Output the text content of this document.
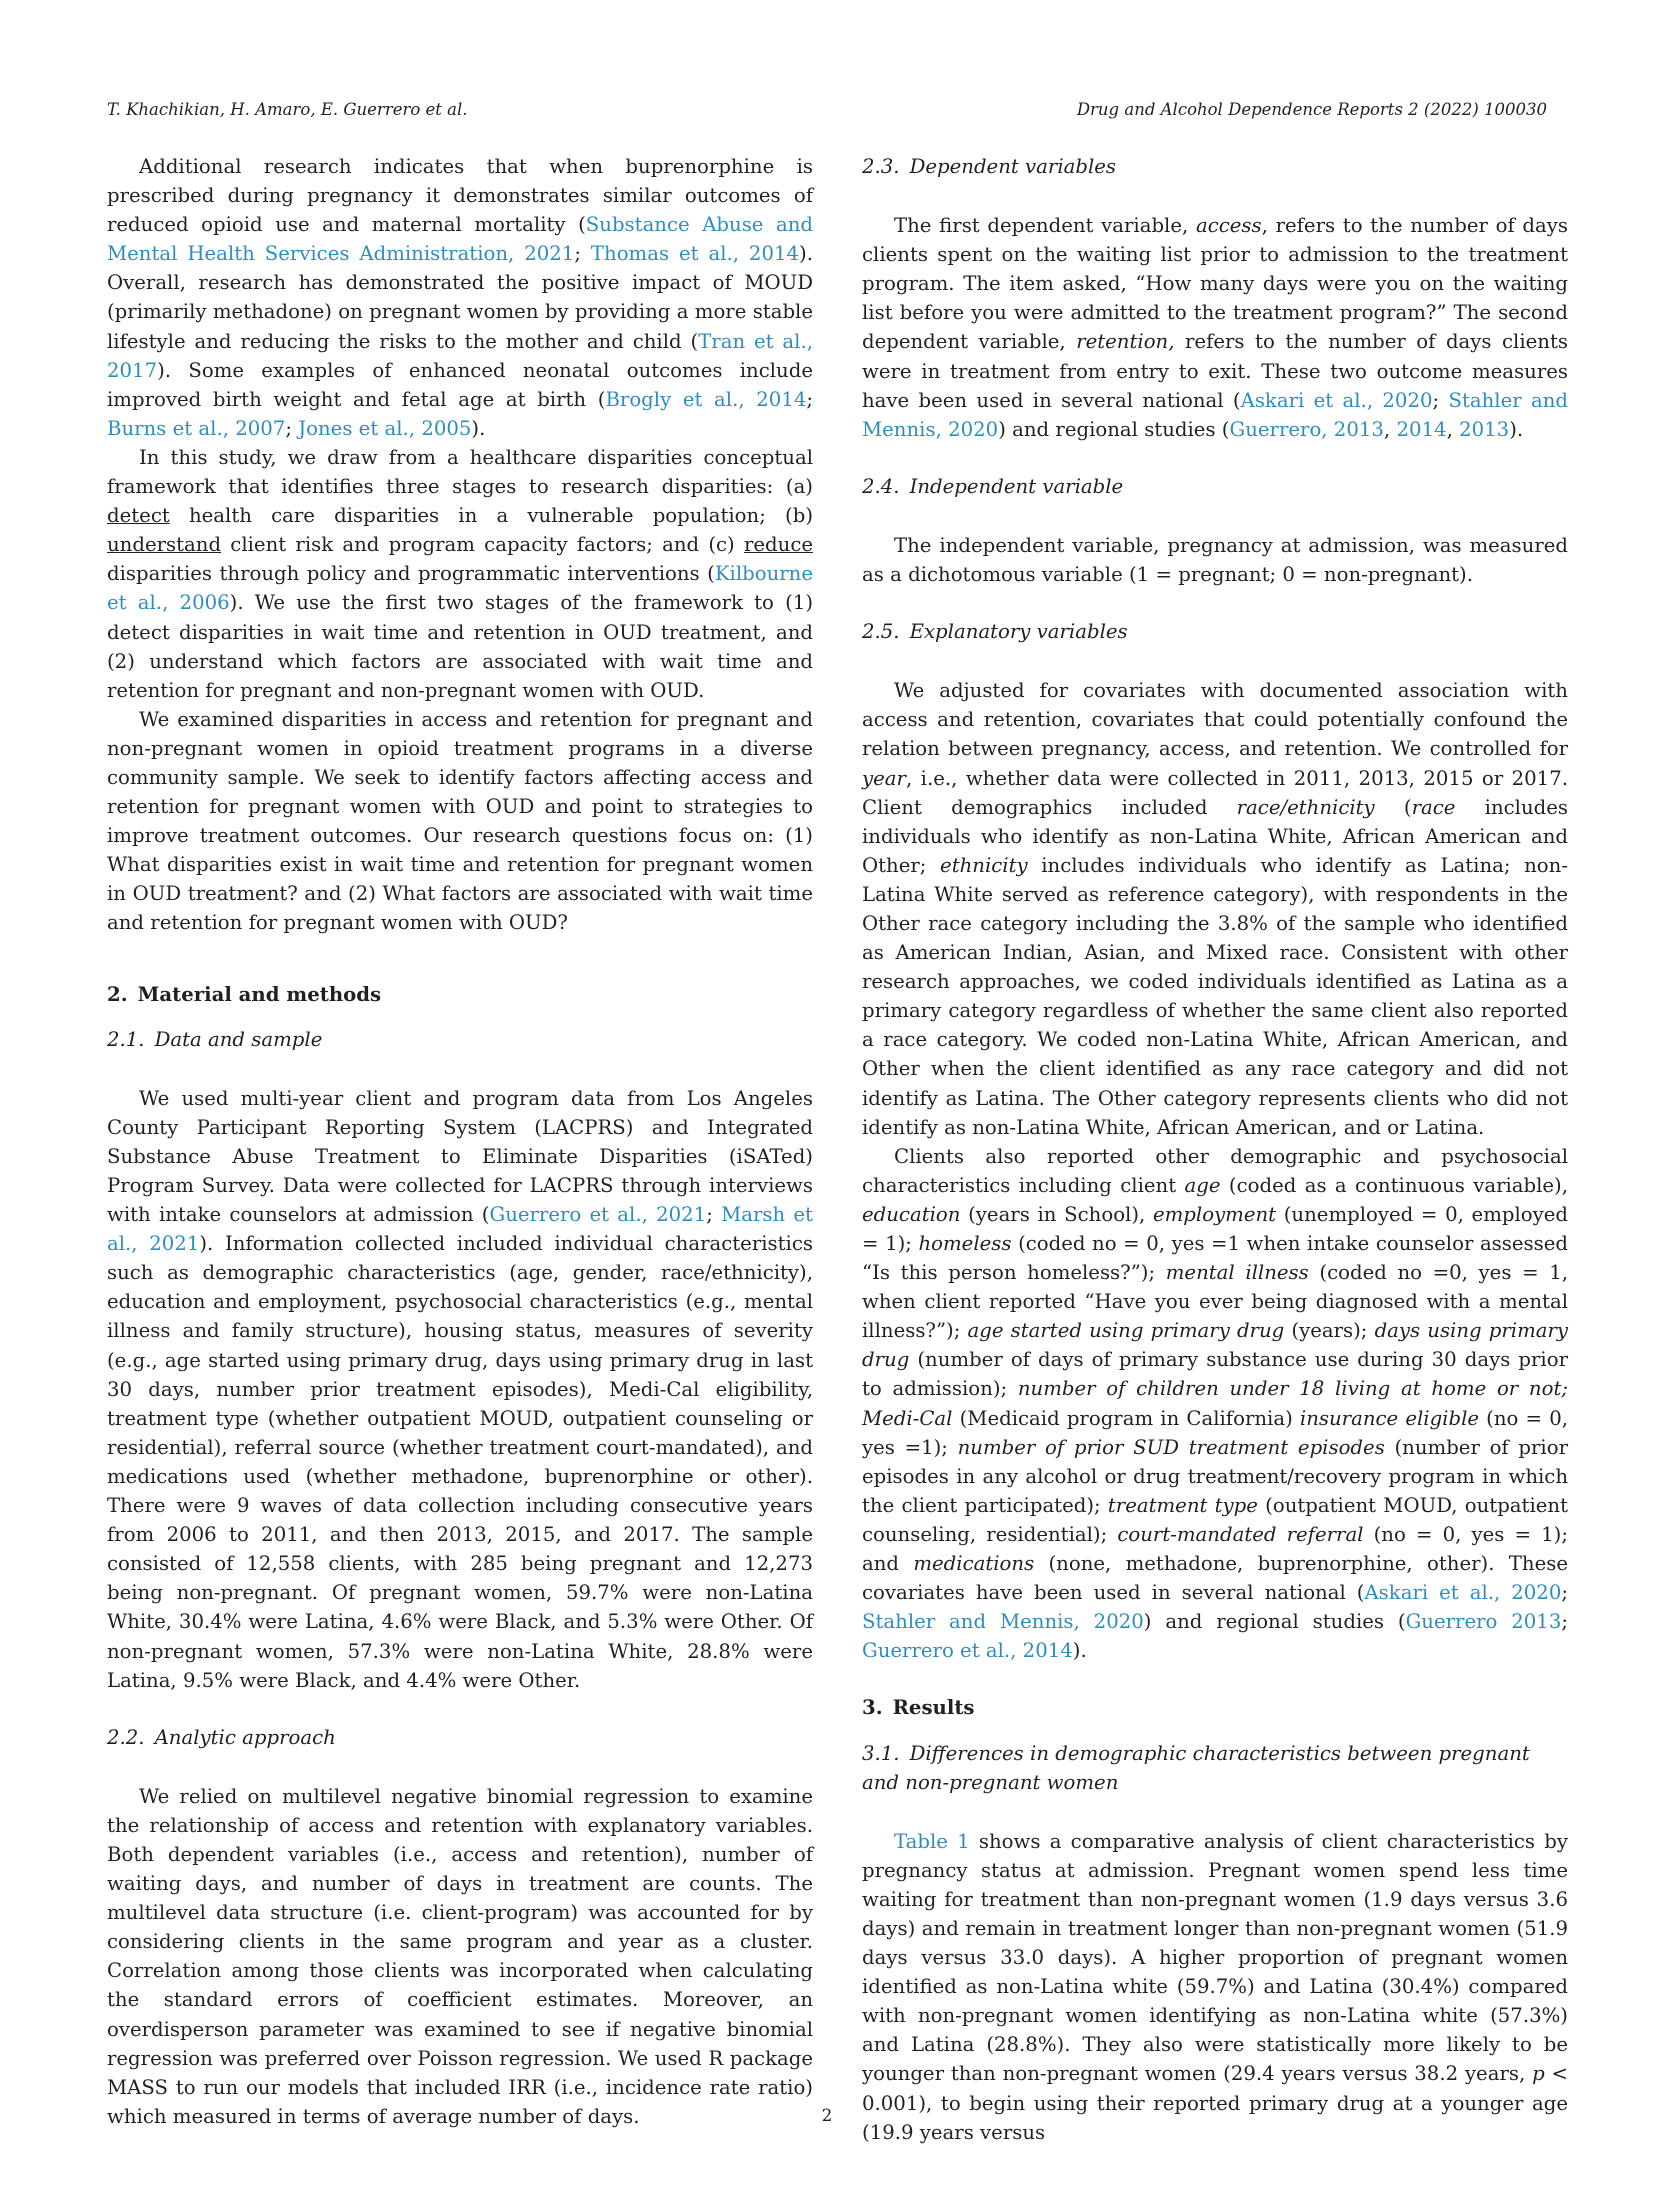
T. Khachikian, H. Amaro, E. Guerrero et al.	Drug and Alcohol Dependence Reports 2 (2022) 100030

Additional research indicates that when buprenorphine is prescribed during pregnancy it demonstrates similar outcomes of reduced opioid use and maternal mortality (Substance Abuse and Mental Health Services Administration, 2021; Thomas et al., 2014). Overall, research has demonstrated the positive impact of MOUD (primarily methadone) on pregnant women by providing a more stable lifestyle and reducing the risks to the mother and child (Tran et al., 2017). Some examples of enhanced neonatal outcomes include improved birth weight and fetal age at birth (Brogly et al., 2014; Burns et al., 2007; Jones et al., 2005).

In this study, we draw from a healthcare disparities conceptual framework that identifies three stages to research disparities: (a) detect health care disparities in a vulnerable population; (b) understand client risk and program capacity factors; and (c) reduce disparities through policy and programmatic interventions (Kilbourne et al., 2006). We use the first two stages of the framework to (1) detect disparities in wait time and retention in OUD treatment, and (2) understand which factors are associated with wait time and retention for pregnant and non-pregnant women with OUD.

We examined disparities in access and retention for pregnant and non-pregnant women in opioid treatment programs in a diverse community sample. We seek to identify factors affecting access and retention for pregnant women with OUD and point to strategies to improve treatment outcomes. Our research questions focus on: (1) What disparities exist in wait time and retention for pregnant women in OUD treatment? and (2) What factors are associated with wait time and retention for pregnant women with OUD?

2. Material and methods
2.1. Data and sample

We used multi-year client and program data from Los Angeles County Participant Reporting System (LACPRS) and Integrated Substance Abuse Treatment to Eliminate Disparities (iSATed) Program Survey. Data were collected for LACPRS through interviews with intake counselors at admission (Guerrero et al., 2021; Marsh et al., 2021). Information collected included individual characteristics such as demographic characteristics (age, gender, race/ethnicity), education and employment, psychosocial characteristics (e.g., mental illness and family structure), housing status, measures of severity (e.g., age started using primary drug, days using primary drug in last 30 days, number prior treatment episodes), Medi-Cal eligibility, treatment type (whether outpatient MOUD, outpatient counseling or residential), referral source (whether treatment court-mandated), and medications used (whether methadone, buprenorphine or other). There were 9 waves of data collection including consecutive years from 2006 to 2011, and then 2013, 2015, and 2017. The sample consisted of 12,558 clients, with 285 being pregnant and 12,273 being non-pregnant. Of pregnant women, 59.7% were non-Latina White, 30.4% were Latina, 4.6% were Black, and 5.3% were Other. Of non-pregnant women, 57.3% were non-Latina White, 28.8% were Latina, 9.5% were Black, and 4.4% were Other.

2.2. Analytic approach

We relied on multilevel negative binomial regression to examine the relationship of access and retention with explanatory variables. Both dependent variables (i.e., access and retention), number of waiting days, and number of days in treatment are counts. The multilevel data structure (i.e. client-program) was accounted for by considering clients in the same program and year as a cluster. Correlation among those clients was incorporated when calculating the standard errors of coefficient estimates. Moreover, an overdisperson parameter was examined to see if negative binomial regression was preferred over Poisson regression. We used R package MASS to run our models that included IRR (i.e., incidence rate ratio) which measured in terms of average number of days.

2.3. Dependent variables

The first dependent variable, access, refers to the number of days clients spent on the waiting list prior to admission to the treatment program. The item asked, “How many days were you on the waiting list before you were admitted to the treatment program?” The second dependent variable, retention, refers to the number of days clients were in treatment from entry to exit. These two outcome measures have been used in several national (Askari et al., 2020; Stahler and Mennis, 2020) and regional studies (Guerrero, 2013, 2014, 2013).

2.4. Independent variable

The independent variable, pregnancy at admission, was measured as a dichotomous variable (1 = pregnant; 0 = non-pregnant).

2.5. Explanatory variables

We adjusted for covariates with documented association with access and retention, covariates that could potentially confound the relation between pregnancy, access, and retention. We controlled for year, i.e., whether data were collected in 2011, 2013, 2015 or 2017. Client demographics included race/ethnicity (race includes individuals who identify as non-Latina White, African American and Other; ethnicity includes individuals who identify as Latina; non-Latina White served as reference category), with respondents in the Other race category including the 3.8% of the sample who identified as American Indian, Asian, and Mixed race. Consistent with other research approaches, we coded individuals identified as Latina as a primary category regardless of whether the same client also reported a race category. We coded non-Latina White, African American, and Other when the client identified as any race category and did not identify as Latina. The Other category represents clients who did not identify as non-Latina White, African American, and or Latina.

Clients also reported other demographic and psychosocial characteristics including client age (coded as a continuous variable), education (years in School), employment (unemployed = 0, employed = 1); homeless (coded no = 0, yes =1 when intake counselor assessed “Is this person homeless?”); mental illness (coded no =0, yes = 1, when client reported “Have you ever being diagnosed with a mental illness?”); age started using primary drug (years); days using primary drug (number of days of primary substance use during 30 days prior to admission); number of children under 18 living at home or not; Medi-Cal (Medicaid program in California) insurance eligible (no = 0, yes =1); number of prior SUD treatment episodes (number of prior episodes in any alcohol or drug treatment/recovery program in which the client participated); treatment type (outpatient MOUD, outpatient counseling, residential); court-mandated referral (no = 0, yes = 1); and medications (none, methadone, buprenorphine, other). These covariates have been used in several national (Askari et al., 2020; Stahler and Mennis, 2020) and regional studies (Guerrero 2013; Guerrero et al., 2014).

3. Results
3.1. Differences in demographic characteristics between pregnant and non-pregnant women

Table 1 shows a comparative analysis of client characteristics by pregnancy status at admission. Pregnant women spend less time waiting for treatment than non-pregnant women (1.9 days versus 3.6 days) and remain in treatment longer than non-pregnant women (51.9 days versus 33.0 days). A higher proportion of pregnant women identified as non-Latina white (59.7%) and Latina (30.4%) compared with non-pregnant women identifying as non-Latina white (57.3%) and Latina (28.8%). They also were statistically more likely to be younger than non-pregnant women (29.4 years versus 38.2 years, p < 0.001), to begin using their reported primary drug at a younger age (19.9 years versus

2
